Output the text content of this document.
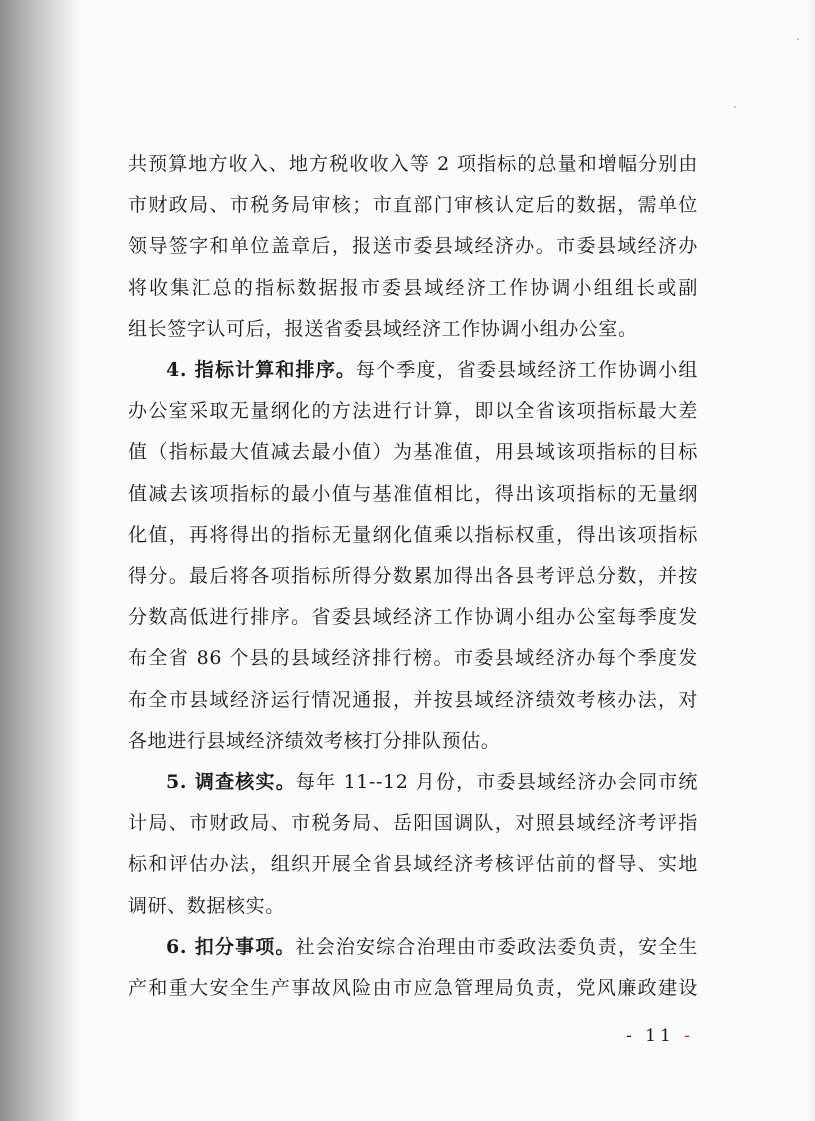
共预算地方收入、地方税收收入等 2 项指标的总量和增幅分别由

市财政局、市税务局审核；市直部门审核认定后的数据，需单位

领导签字和单位盖章后，报送市委县域经济办。市委县域经济办

将收集汇总的指标数据报市委县域经济工作协调小组组长或副

组长签字认可后，报送省委县域经济工作协调小组办公室。

4. 指标计算和排序。每个季度，省委县域经济工作协调小组

办公室采取无量纲化的方法进行计算，即以全省该项指标最大差

值（指标最大值减去最小值）为基准值，用县域该项指标的目标

值减去该项指标的最小值与基准值相比，得出该项指标的无量纲

化值，再将得出的指标无量纲化值乘以指标权重，得出该项指标

得分。最后将各项指标所得分数累加得出各县考评总分数，并按

分数高低进行排序。省委县域经济工作协调小组办公室每季度发

布全省 86 个县的县域经济排行榜。市委县域经济办每个季度发

布全市县域经济运行情况通报，并按县域经济绩效考核办法，对

各地进行县域经济绩效考核打分排队预估。

5. 调查核实。每年 11--12 月份，市委县域经济办会同市统

计局、市财政局、市税务局、岳阳国调队，对照县域经济考评指

标和评估办法，组织开展全省县域经济考核评估前的督导、实地

调研、数据核实。

6. 扣分事项。社会治安综合治理由市委政法委负责，安全生

产和重大安全生产事故风险由市应急管理局负责，党风廉政建设

- 11 -
